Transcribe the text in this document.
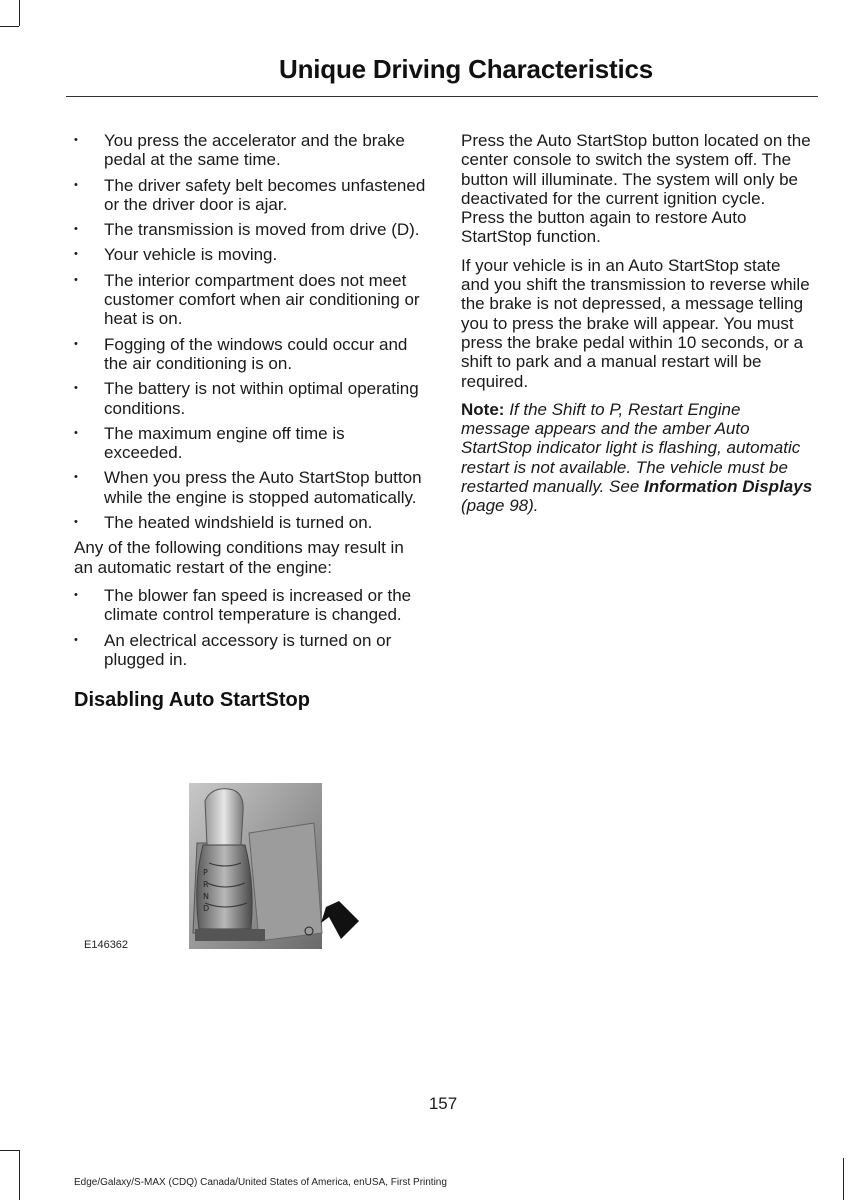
Unique Driving Characteristics
• You press the accelerator and the brake pedal at the same time.
• The driver safety belt becomes unfastened or the driver door is ajar.
• The transmission is moved from drive (D).
• Your vehicle is moving.
• The interior compartment does not meet customer comfort when air conditioning or heat is on.
• Fogging of the windows could occur and the air conditioning is on.
• The battery is not within optimal operating conditions.
• The maximum engine off time is exceeded.
• When you press the Auto StartStop button while the engine is stopped automatically.
• The heated windshield is turned on.

Any of the following conditions may result in an automatic restart of the engine:

• The blower fan speed is increased or the climate control temperature is changed.
• An electrical accessory is turned on or plugged in.
Disabling Auto StartStop
P
R
N
D
E146362

Press the Auto StartStop button located on the center console to switch the system off. The button will illuminate. The system will only be deactivated for the current ignition cycle. Press the button again to restore Auto StartStop function.

If your vehicle is in an Auto StartStop state and you shift the transmission to reverse while the brake is not depressed, a message telling you to press the brake will appear. You must press the brake pedal within 10 seconds, or a shift to park and a manual restart will be required.

Note: If the Shift to P, Restart Engine message appears and the amber Auto StartStop indicator light is flashing, automatic restart is not available. The vehicle must be restarted manually. See Information Displays (page 98).

157
Edge/Galaxy/S-MAX (CDQ) Canada/United States of America, enUSA, First Printing
